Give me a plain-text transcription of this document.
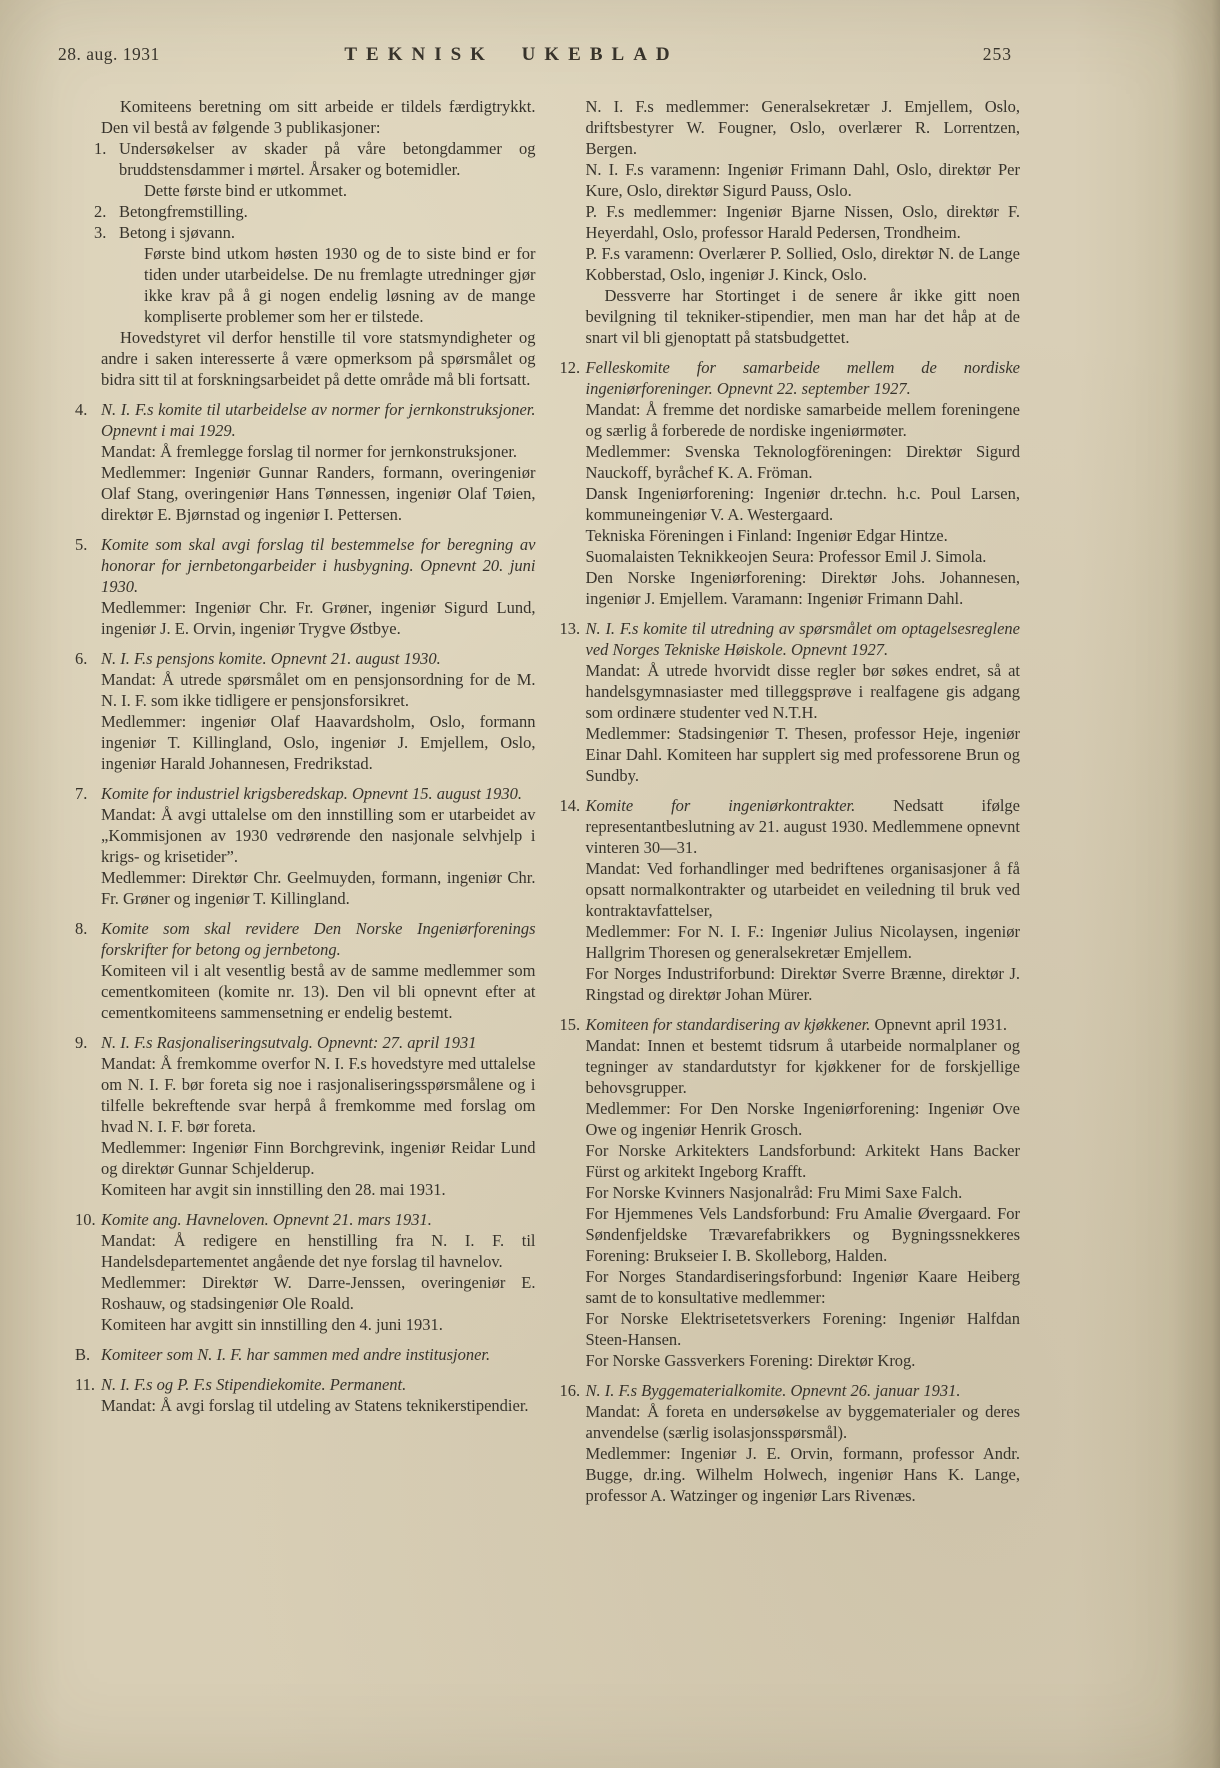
28. aug. 1931	TEKNISK UKEBLAD	253

Komiteens beretning om sitt arbeide er tildels færdigtrykkt. Den vil bestå av følgende 3 publikasjoner:

1. Undersøkelser av skader på våre betongdammer og bruddstensdammer i mørtel. Årsaker og botemidler.

Dette første bind er utkommet.

2. Betongfremstilling.

3. Betong i sjøvann.

Første bind utkom høsten 1930 og de to siste bind er for tiden under utarbeidelse. De nu fremlagte utredninger gjør ikke krav på å gi nogen endelig løsning av de mange kompliserte problemer som her er tilstede.

Hovedstyret vil derfor henstille til vore statsmyndigheter og andre i saken interesserte å være opmerksom på spørsmålet og bidra sitt til at forskningsarbeidet på dette område må bli fortsatt.

4. N. I. F.s komite til utarbeidelse av normer for jernkonstruksjoner. Opnevnt i mai 1929.

Mandat: Å fremlegge forslag til normer for jernkonstruksjoner.

Medlemmer: Ingeniør Gunnar Randers, formann, overingeniør Olaf Stang, overingeniør Hans Tønnessen, ingeniør Olaf Tøien, direktør E. Bjørnstad og ingeniør I. Pettersen.

5. Komite som skal avgi forslag til bestemmelse for beregning av honorar for jernbetongarbeider i husbygning. Opnevnt 20. juni 1930.

Medlemmer: Ingeniør Chr. Fr. Grøner, ingeniør Sigurd Lund, ingeniør J. E. Orvin, ingeniør Trygve Østbye.

6. N. I. F.s pensjons komite. Opnevnt 21. august 1930.

Mandat: Å utrede spørsmålet om en pensjonsordning for de M. N. I. F. som ikke tidligere er pensjonsforsikret.

Medlemmer: ingeniør Olaf Haavardsholm, Oslo, formann ingeniør T. Killingland, Oslo, ingeniør J. Emjellem, Oslo, ingeniør Harald Johannesen, Fredrikstad.

7. Komite for industriel krigsberedskap. Opnevnt 15. august 1930.

Mandat: Å avgi uttalelse om den innstilling som er utarbeidet av „Kommisjonen av 1930 vedrørende den nasjonale selvhjelp i krigs- og krisetider”.

Medlemmer: Direktør Chr. Geelmuyden, formann, ingeniør Chr. Fr. Grøner og ingeniør T. Killingland.

8. Komite som skal revidere Den Norske Ingeniørforenings forskrifter for betong og jernbetong.

Komiteen vil i alt vesentlig bestå av de samme medlemmer som cementkomiteen (komite nr. 13). Den vil bli opnevnt efter at cementkomiteens sammensetning er endelig bestemt.

9. N. I. F.s Rasjonaliseringsutvalg. Opnevnt: 27. april 1931

Mandat: Å fremkomme overfor N. I. F.s hovedstyre med uttalelse om N. I. F. bør foreta sig noe i rasjonaliseringsspørsmålene og i tilfelle bekreftende svar herpå å fremkomme med forslag om hvad N. I. F. bør foreta.

Medlemmer: Ingeniør Finn Borchgrevink, ingeniør Reidar Lund og direktør Gunnar Schjelderup.

Komiteen har avgit sin innstilling den 28. mai 1931.

10. Komite ang. Havneloven. Opnevnt 21. mars 1931.

Mandat: Å redigere en henstilling fra N. I. F. til Handelsdepartementet angående det nye forslag til havnelov.

Medlemmer: Direktør W. Darre-Jenssen, overingeniør E. Roshauw, og stadsingeniør Ole Roald.

Komiteen har avgitt sin innstilling den 4. juni 1931.

B. Komiteer som N. I. F. har sammen med andre institusjoner.

11. N. I. F.s og P. F.s Stipendiekomite. Permanent.

Mandat: Å avgi forslag til utdeling av Statens teknikerstipendier.

N. I. F.s medlemmer: Generalsekretær J. Emjellem, Oslo, driftsbestyrer W. Fougner, Oslo, overlærer R. Lorrentzen, Bergen.

N. I. F.s varamenn: Ingeniør Frimann Dahl, Oslo, direktør Per Kure, Oslo, direktør Sigurd Pauss, Oslo.

P. F.s medlemmer: Ingeniør Bjarne Nissen, Oslo, direktør F. Heyerdahl, Oslo, professor Harald Pedersen, Trondheim.

P. F.s varamenn: Overlærer P. Sollied, Oslo, direktør N. de Lange Kobberstad, Oslo, ingeniør J. Kinck, Oslo.

Dessverre har Stortinget i de senere år ikke gitt noen bevilgning til tekniker-stipendier, men man har det håp at de snart vil bli gjenoptatt på statsbudgettet.

12. Felleskomite for samarbeide mellem de nordiske ingeniørforeninger. Opnevnt 22. september 1927.

Mandat: Å fremme det nordiske samarbeide mellem foreningene og særlig å forberede de nordiske ingeniørmøter.

Medlemmer: Svenska Teknologföreningen: Direktør Sigurd Nauckoff, byråchef K. A. Fröman.

Dansk Ingeniørforening: Ingeniør dr.techn. h.c. Poul Larsen, kommuneingeniør V. A. Westergaard.

Tekniska Föreningen i Finland: Ingeniør Edgar Hintze.

Suomalaisten Teknikkeojen Seura: Professor Emil J. Simola.

Den Norske Ingeniørforening: Direktør Johs. Johannesen, ingeniør J. Emjellem. Varamann: Ingeniør Frimann Dahl.

13. N. I. F.s komite til utredning av spørsmålet om optagelsesreglene ved Norges Tekniske Høiskole. Opnevnt 1927.

Mandat: Å utrede hvorvidt disse regler bør søkes endret, så at handelsgymnasiaster med tilleggsprøve i realfagene gis adgang som ordinære studenter ved N.T.H.

Medlemmer: Stadsingeniør T. Thesen, professor Heje, ingeniør Einar Dahl. Komiteen har supplert sig med professorene Brun og Sundby.

14. Komite for ingeniørkontrakter. Nedsatt ifølge representantbeslutning av 21. august 1930. Medlemmene opnevnt vinteren 30—31.

Mandat: Ved forhandlinger med bedriftenes organisasjoner å få opsatt normalkontrakter og utarbeidet en veiledning til bruk ved kontraktavfattelser,

Medlemmer: For N. I. F.: Ingeniør Julius Nicolaysen, ingeniør Hallgrim Thoresen og generalsekretær Emjellem.

For Norges Industriforbund: Direktør Sverre Brænne, direktør J. Ringstad og direktør Johan Mürer.

15. Komiteen for standardisering av kjøkkener. Opnevnt april 1931.

Mandat: Innen et bestemt tidsrum å utarbeide normalplaner og tegninger av standardutstyr for kjøkkener for de forskjellige behovsgrupper.

Medlemmer: For Den Norske Ingeniørforening: Ingeniør Ove Owe og ingeniør Henrik Grosch.

For Norske Arkitekters Landsforbund: Arkitekt Hans Backer Fürst og arkitekt Ingeborg Krafft.

For Norske Kvinners Nasjonalråd: Fru Mimi Saxe Falch.

For Hjemmenes Vels Landsforbund: Fru Amalie Øvergaard. For Søndenfjeldske Trævarefabrikkers og Bygningssnekkeres Forening: Brukseier I. B. Skolleborg, Halden.

For Norges Standardiseringsforbund: Ingeniør Kaare Heiberg samt de to konsultative medlemmer:

For Norske Elektrisetetsverkers Forening: Ingeniør Halfdan Steen-Hansen.

For Norske Gassverkers Forening: Direktør Krog.

16. N. I. F.s Byggematerialkomite. Opnevnt 26. januar 1931.

Mandat: Å foreta en undersøkelse av byggematerialer og deres anvendelse (særlig isolasjonsspørsmål).

Medlemmer: Ingeniør J. E. Orvin, formann, professor Andr. Bugge, dr.ing. Wilhelm Holwech, ingeniør Hans K. Lange, professor A. Watzinger og ingeniør Lars Rivenæs.
